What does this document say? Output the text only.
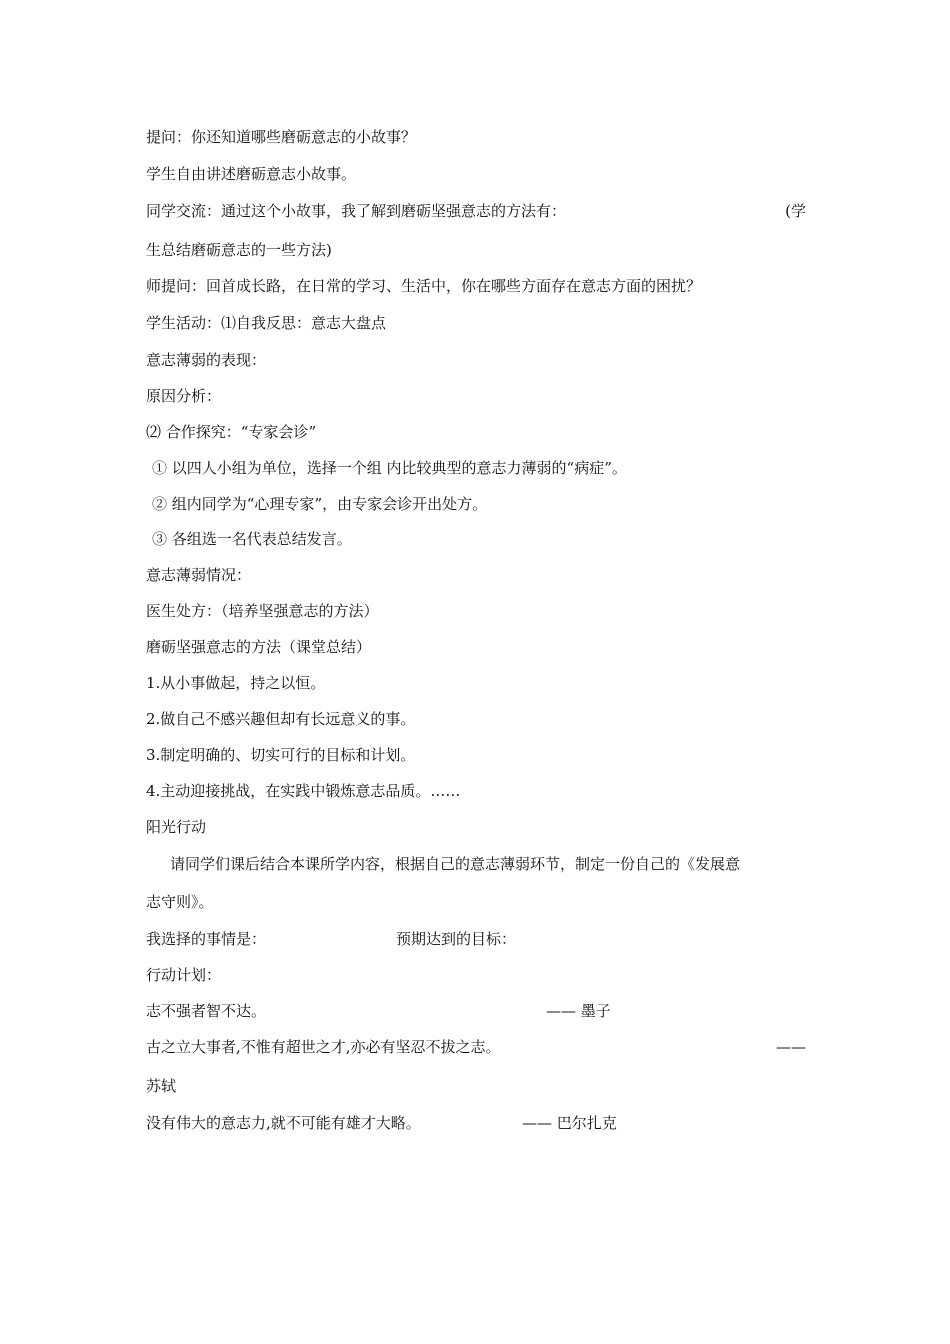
提问：你还知道哪些磨砺意志的小故事？
学生自由讲述磨砺意志小故事。
同学交流：通过这个小故事，我了解到磨砺坚强意志的方法有：	(学
生总结磨砺意志的一些方法)
师提问：回首成长路，在日常的学习、生活中，你在哪些方面存在意志方面的困扰？
学生活动：⑴自我反思：意志大盘点
意志薄弱的表现：
原因分析：
⑵ 合作探究：“专家会诊”
① 以四人小组为单位，选择一个组 内比较典型的意志力薄弱的“病症”。
② 组内同学为“心理专家”，由专家会诊开出处方。
③ 各组选一名代表总结发言。
意志薄弱情况：
医生处方：（培养坚强意志的方法）
磨砺坚强意志的方法（课堂总结）
1.从小事做起，持之以恒。
2.做自己不感兴趣但却有长远意义的事。
3.制定明确的、切实可行的目标和计划。
4.主动迎接挑战，在实践中锻炼意志品质。……
阳光行动
请同学们课后结合本课所学内容，根据自己的意志薄弱环节，制定一份自己的《发展意
志守则》。
我选择的事情是：	预期达到的目标：
行动计划：
志不强者智不达。	—— 墨子
古之立大事者,不惟有超世之才,亦必有坚忍不拔之志。	——
苏轼
没有伟大的意志力,就不可能有雄才大略。	—— 巴尔扎克
